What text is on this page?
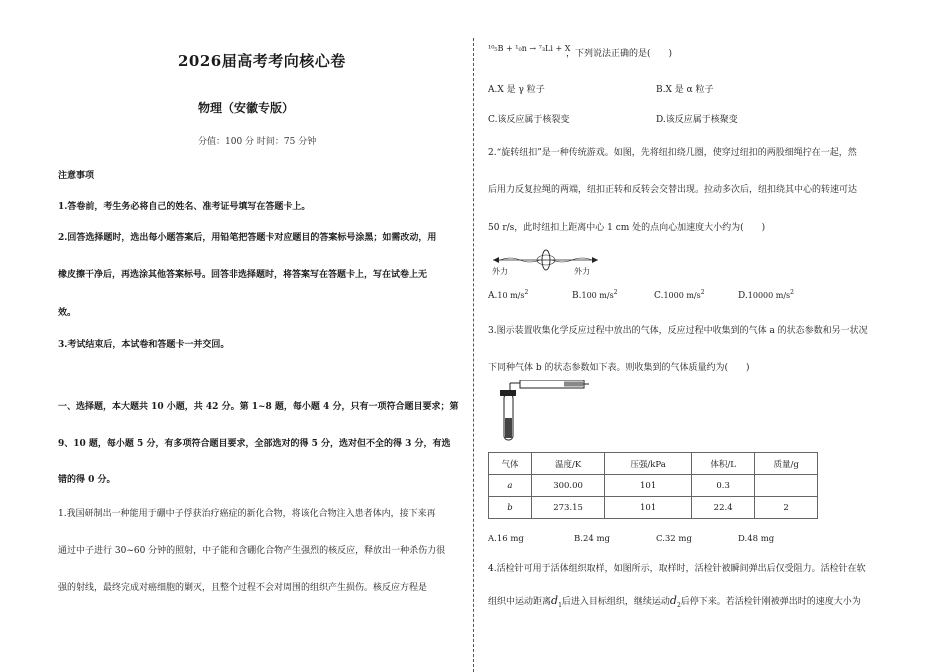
2026届高考考向核心卷
物理（安徽专版）
分值：100 分 时间：75 分钟
注意事项
1.答卷前，考生务必将自己的姓名、准考证号填写在答题卡上。
2.回答选择题时，选出每小题答案后，用铅笔把答题卡对应题目的答案标号涂黑；如需改动，用
橡皮擦干净后，再选涂其他答案标号。回答非选择题时，将答案写在答题卡上，写在试卷上无
效。
3.考试结束后，本试卷和答题卡一并交回。
一、选择题，本大题共 10 小题，共 42 分。第 1~8 题，每小题 4 分，只有一项符合题目要求；第
9、10 题，每小题 5 分，有多项符合题目要求，全部选对的得 5 分，选对但不全的得 3 分，有选
错的得 0 分。
1.我国研制出一种能用于硼中子俘获治疗癌症的新化合物，将该化合物注入患者体内，接下来再
通过中子进行 30~60 分钟的照射，中子能和含硼化合物产生强烈的核反应，释放出一种杀伤力很
强的射线，最终完成对癌细胞的剿灭，且整个过程不会对周围的组织产生损伤。核反应方程是
¹⁰₅B + ¹₀n → ⁷₃Li + X
，下列说法正确的是(　　)
A.X 是 γ 粒子	B.X 是 α 粒子
C.该反应属于核裂变	D.该反应属于核聚变
2.“旋转纽扣”是一种传统游戏。如图，先将纽扣绕几圈，使穿过纽扣的两股细绳拧在一起，然
后用力反复拉绳的两端，纽扣正转和反转会交替出现。拉动多次后，纽扣绕其中心的转速可达
50 r/s，此时纽扣上距离中心 1 cm 处的点向心加速度大小约为(　　)
外力	外力
A.10 $m/s^2$	B.100 $m/s^2$	C.1000 $m/s^2$	D.10000 $m/s^2$
3.图示装置收集化学反应过程中放出的气体，反应过程中收集到的气体 a 的状态参数和另一状况
下同种气体 b 的状态参数如下表。则收集到的气体质量约为(　　)
气体	温度/K	压强/kPa	体积/L	质量/g
a	300.00	101	0.3	
b	273.15	101	22.4	2
A.16 mg	B.24 mg	C.32 mg	D.48 mg
4.活检针可用于活体组织取样，如图所示，取样时，活检针被瞬间弹出后仅受阻力。活检针在软
组织中运动距离$d_1$后进入目标组织，继续运动$d_2$后停下来。若活检针刚被弹出时的速度大小为
